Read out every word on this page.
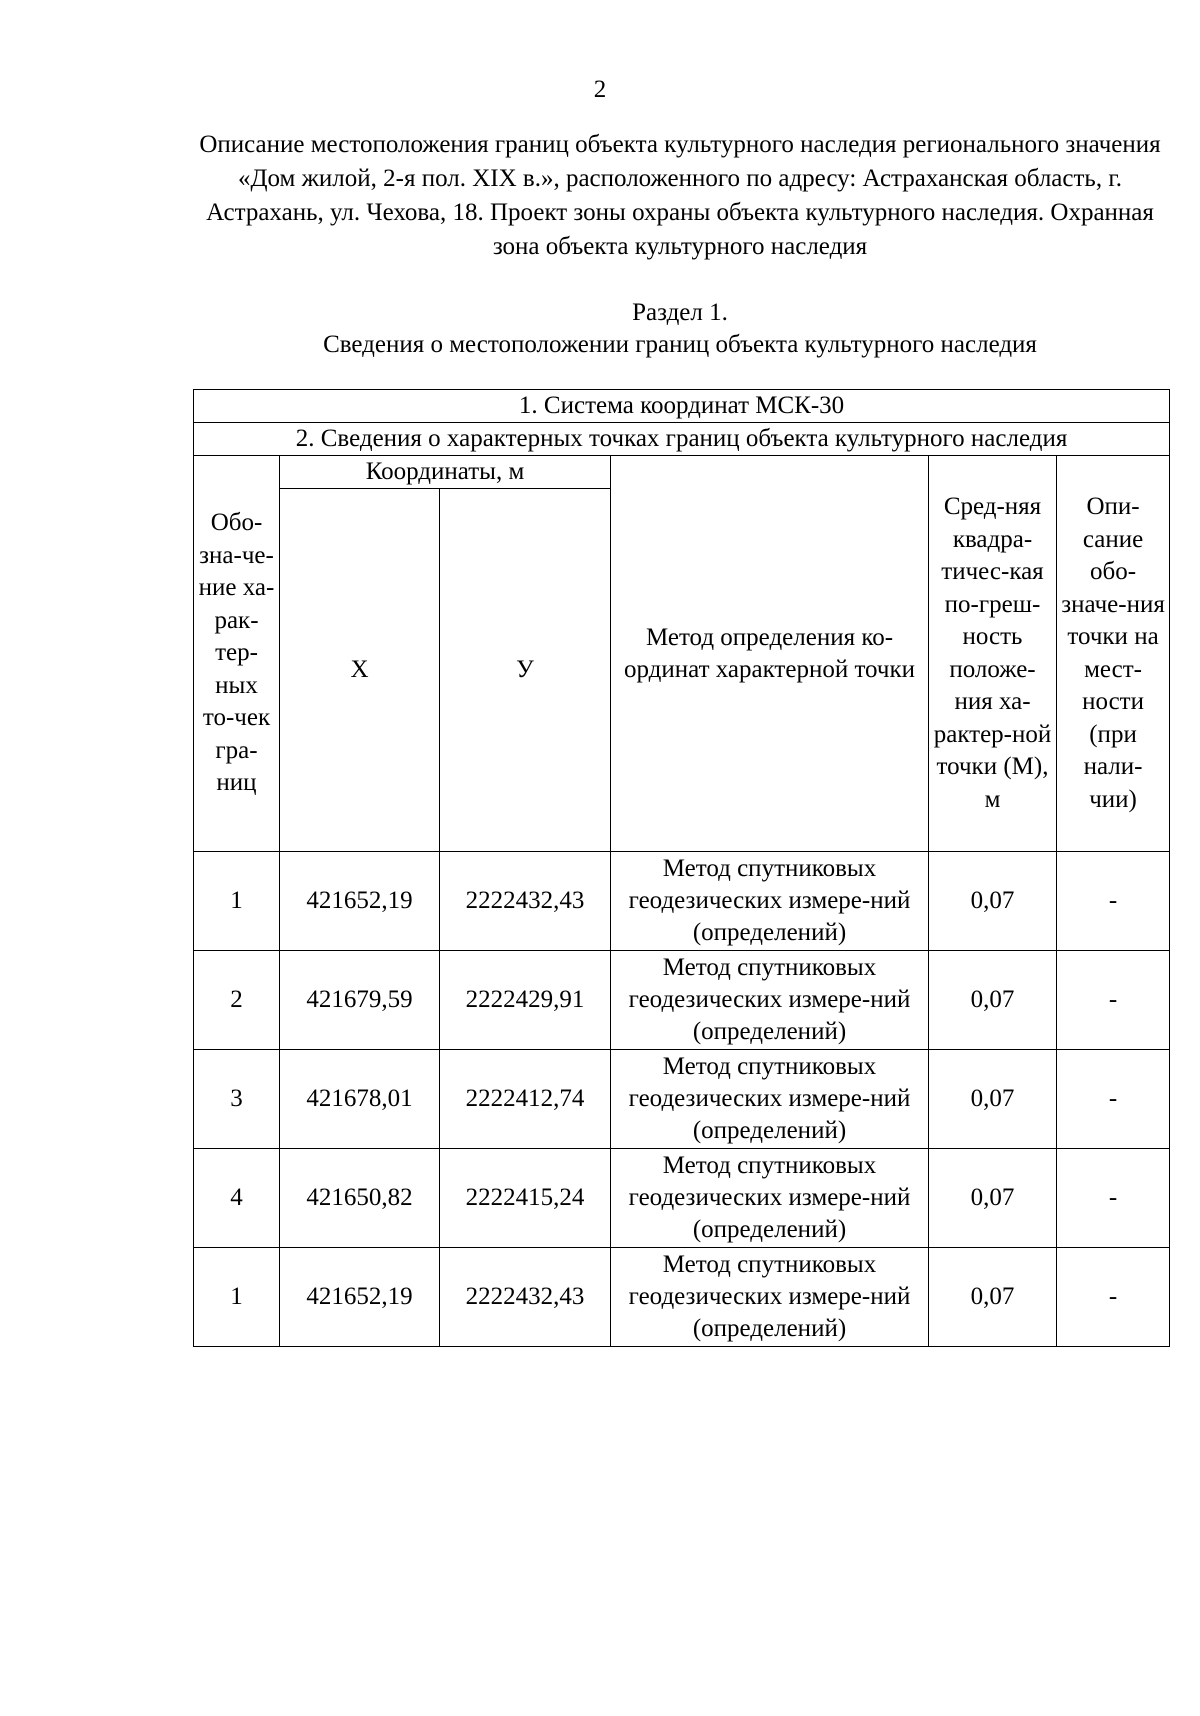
2
Описание местоположения границ объекта культурного наследия регионального значения «Дом жилой, 2-я пол. XIX в.», расположенного по адресу: Астраханская область, г. Астрахань, ул. Чехова, 18. Проект зоны охраны объекта культурного наследия. Охранная зона объекта культурного наследия
Раздел 1.
Сведения о местоположении границ объекта культурного наследия
1. Система координат МСК-30					
2. Сведения о характерных точках границ объекта культурного наследия					
Обо-зна-че-ние ха-рак-тер-ных то-чек гра-ниц	Координаты, м		Метод определения ко-ординат характерной точки	Сред-няя квадра-тичес-кая по-греш-ность положе-ния ха-рактер-ной точки (М), м	Опи-сание обо-значе-ния точки на мест-ности (при нали-чии)
	X	У			
1	421652,19	2222432,43	Метод спутниковых геодезических измере-ний (определений)	0,07	-
2	421679,59	2222429,91	Метод спутниковых геодезических измере-ний (определений)	0,07	-
3	421678,01	2222412,74	Метод спутниковых геодезических измере-ний (определений)	0,07	-
4	421650,82	2222415,24	Метод спутниковых геодезических измере-ний (определений)	0,07	-
1	421652,19	2222432,43	Метод спутниковых геодезических измере-ний (определений)	0,07	-
